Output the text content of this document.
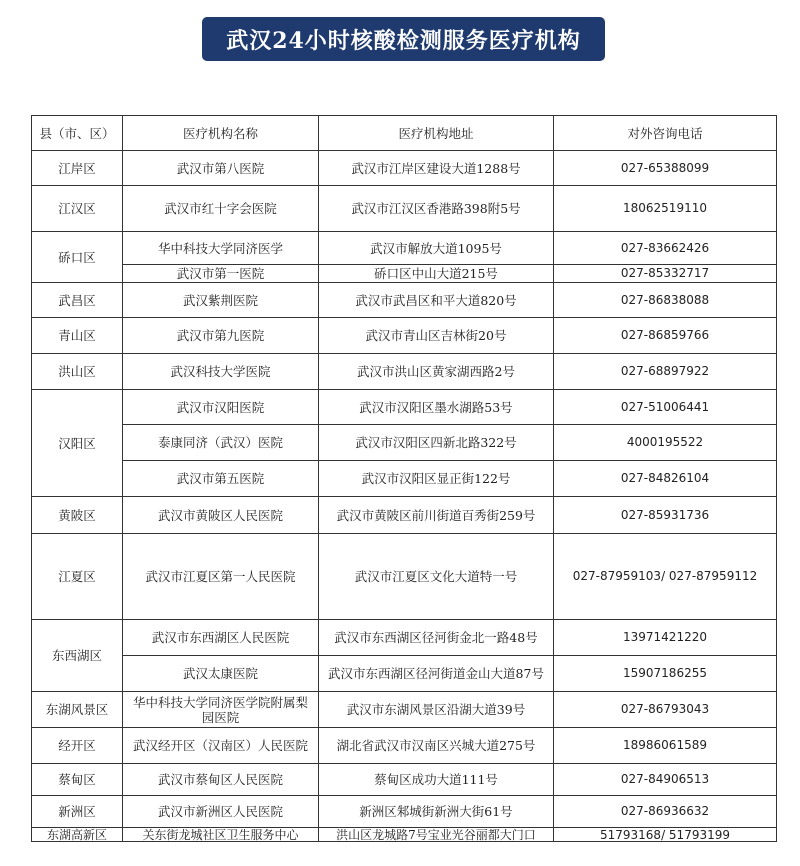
武汉24小时核酸检测服务医疗机构
县（市、区）	医疗机构名称	医疗机构地址	对外咨询电话
江岸区	武汉市第八医院	武汉市江岸区建设大道1288号	027-65388099
江汉区	武汉市红十字会医院	武汉市江汉区香港路398附5号	18062519110
硚口区	华中科技大学同济医学	武汉市解放大道1095号	027-83662426
	武汉市第一医院	硚口区中山大道215号	027-85332717
武昌区	武汉紫荆医院	武汉市武昌区和平大道820号	027-86838088
青山区	武汉市第九医院	武汉市青山区吉林街20号	027-86859766
洪山区	武汉科技大学医院	武汉市洪山区黄家湖西路2号	027-68897922
汉阳区	武汉市汉阳医院	武汉市汉阳区墨水湖路53号	027-51006441
	泰康同济（武汉）医院	武汉市汉阳区四新北路322号	4000195522
	武汉市第五医院	武汉市汉阳区显正街122号	027-84826104
黄陂区	武汉市黄陂区人民医院	武汉市黄陂区前川街道百秀街259号	027-85931736
江夏区	武汉市江夏区第一人民医院	武汉市江夏区文化大道特一号	027-87959103/ 027-87959112
东西湖区	武汉市东西湖区人民医院	武汉市东西湖区径河街金北一路48号	13971421220
	武汉太康医院	武汉市东西湖区径河街道金山大道87号	15907186255
东湖风景区	华中科技大学同济医学院附属梨园医院	武汉市东湖风景区沿湖大道39号	027-86793043
经开区	武汉经开区（汉南区）人民医院	湖北省武汉市汉南区兴城大道275号	18986061589
蔡甸区	武汉市蔡甸区人民医院	蔡甸区成功大道111号	027-84906513
新洲区	武汉市新洲区人民医院	新洲区邾城街新洲大街61号	027-86936632
东湖高新区	关东街龙城社区卫生服务中心	洪山区龙城路7号宝业光谷丽都大门口	51793168/ 51793199
